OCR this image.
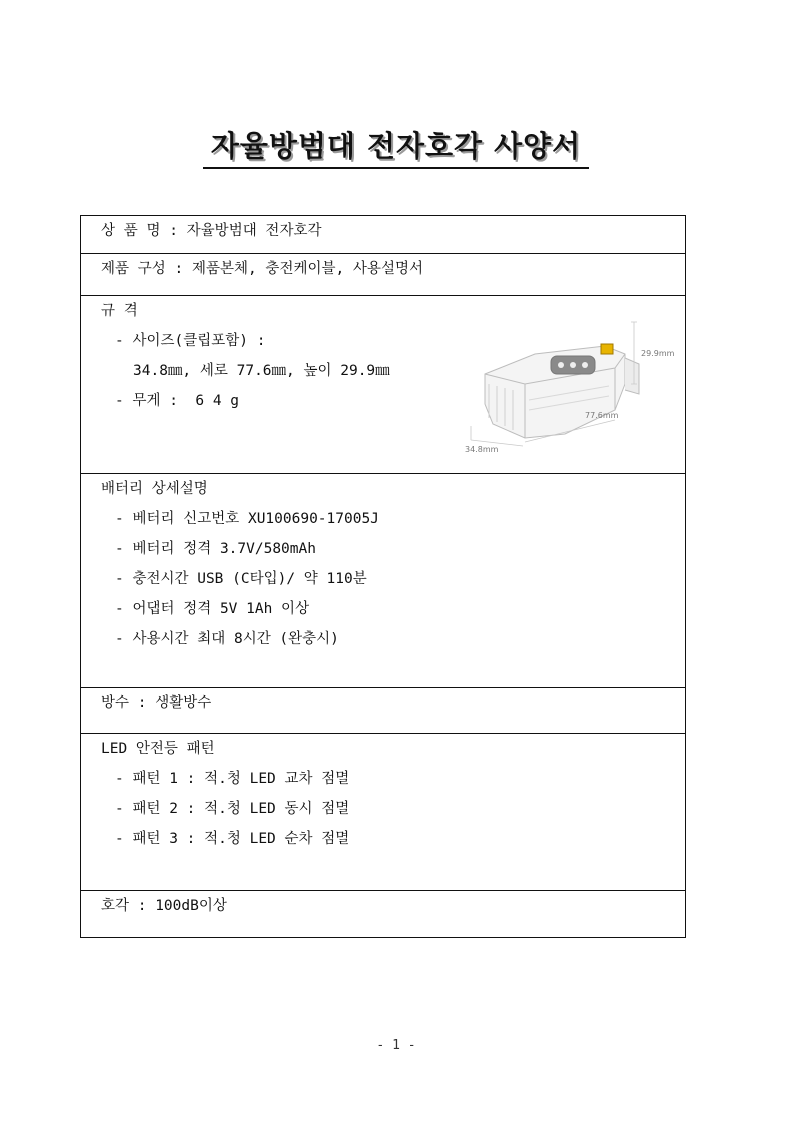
자율방범대 전자호각 사양서
상 품 명 : 자율방범대 전자호각
제품 구성 : 제품본체, 충전케이블, 사용설명서

규 격
- 사이즈(클립포함) :
34.8㎜, 세로 77.6㎜, 높이 29.9㎜
- 무게 :  6 4 g
29.9mm
77.6mm
34.8mm

배터리 상세설명
- 베터리 신고번호 XU100690-17005J
- 베터리 정격 3.7V/580mAh
- 충전시간 USB (C타입)/ 약 110분
- 어댑터 정격 5V 1Ah 이상
- 사용시간 최대 8시간 (완충시)

방수 : 생활방수

LED 안전등 패턴
- 패턴 1 : 적.청 LED 교차 점멸
- 패턴 2 : 적.청 LED 동시 점멸
- 패턴 3 : 적.청 LED 순차 점멸

호각 : 100dB이상
- 1 -
